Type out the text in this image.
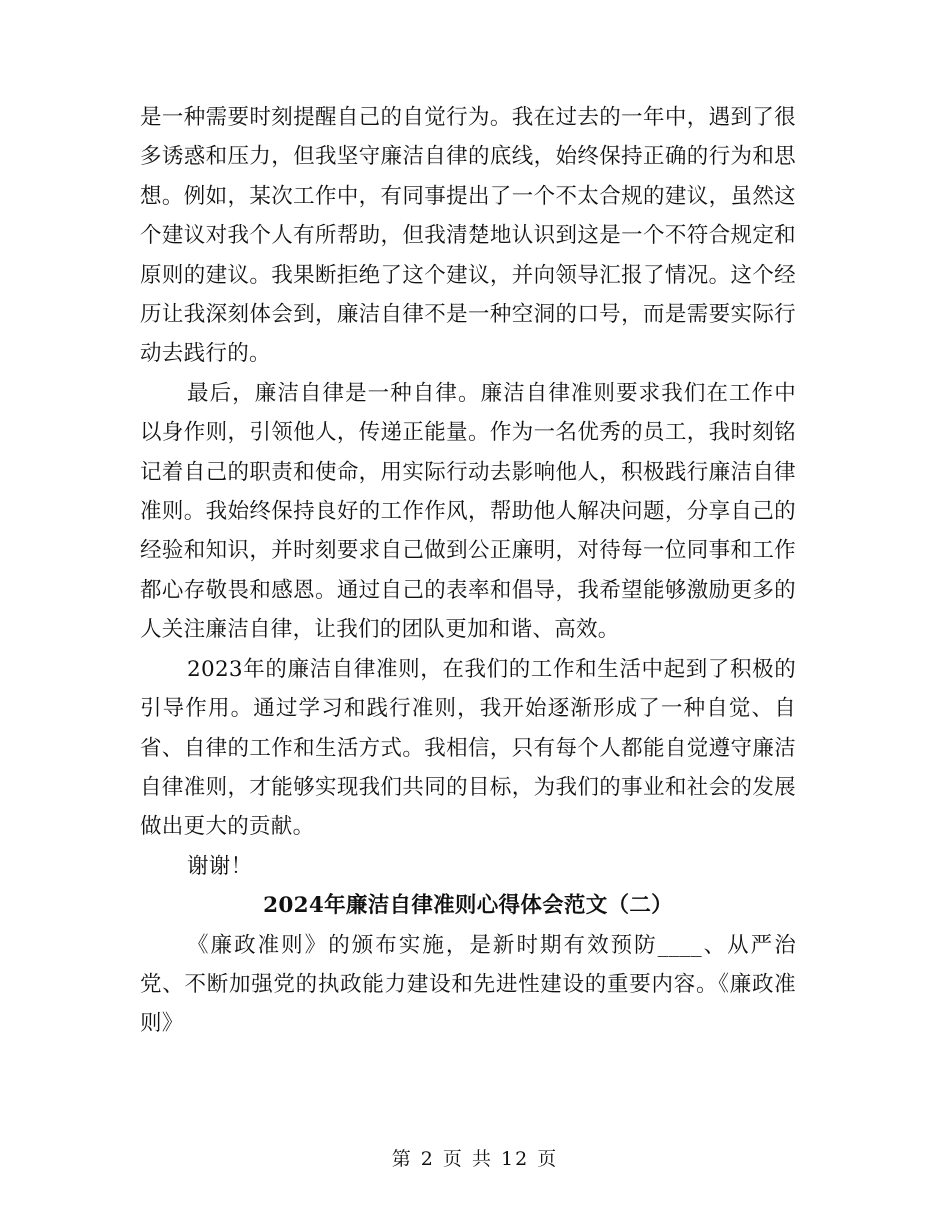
是一种需要时刻提醒自己的自觉行为。我在过去的一年中，遇到了很多诱惑和压力，但我坚守廉洁自律的底线，始终保持正确的行为和思想。例如，某次工作中，有同事提出了一个不太合规的建议，虽然这个建议对我个人有所帮助，但我清楚地认识到这是一个不符合规定和原则的建议。我果断拒绝了这个建议，并向领导汇报了情况。这个经历让我深刻体会到，廉洁自律不是一种空洞的口号，而是需要实际行动去践行的。

最后，廉洁自律是一种自律。廉洁自律准则要求我们在工作中以身作则，引领他人，传递正能量。作为一名优秀的员工，我时刻铭记着自己的职责和使命，用实际行动去影响他人，积极践行廉洁自律准则。我始终保持良好的工作作风，帮助他人解决问题，分享自己的经验和知识，并时刻要求自己做到公正廉明，对待每一位同事和工作都心存敬畏和感恩。通过自己的表率和倡导，我希望能够激励更多的人关注廉洁自律，让我们的团队更加和谐、高效。

2023年的廉洁自律准则，在我们的工作和生活中起到了积极的引导作用。通过学习和践行准则，我开始逐渐形成了一种自觉、自省、自律的工作和生活方式。我相信，只有每个人都能自觉遵守廉洁自律准则，才能够实现我们共同的目标，为我们的事业和社会的发展做出更大的贡献。

谢谢！

2024年廉洁自律准则心得体会范文（二）

《廉政准则》的颁布实施，是新时期有效预防____、从严治党、不断加强党的执政能力建设和先进性建设的重要内容。《廉政准则》

第 2 页 共 12 页
